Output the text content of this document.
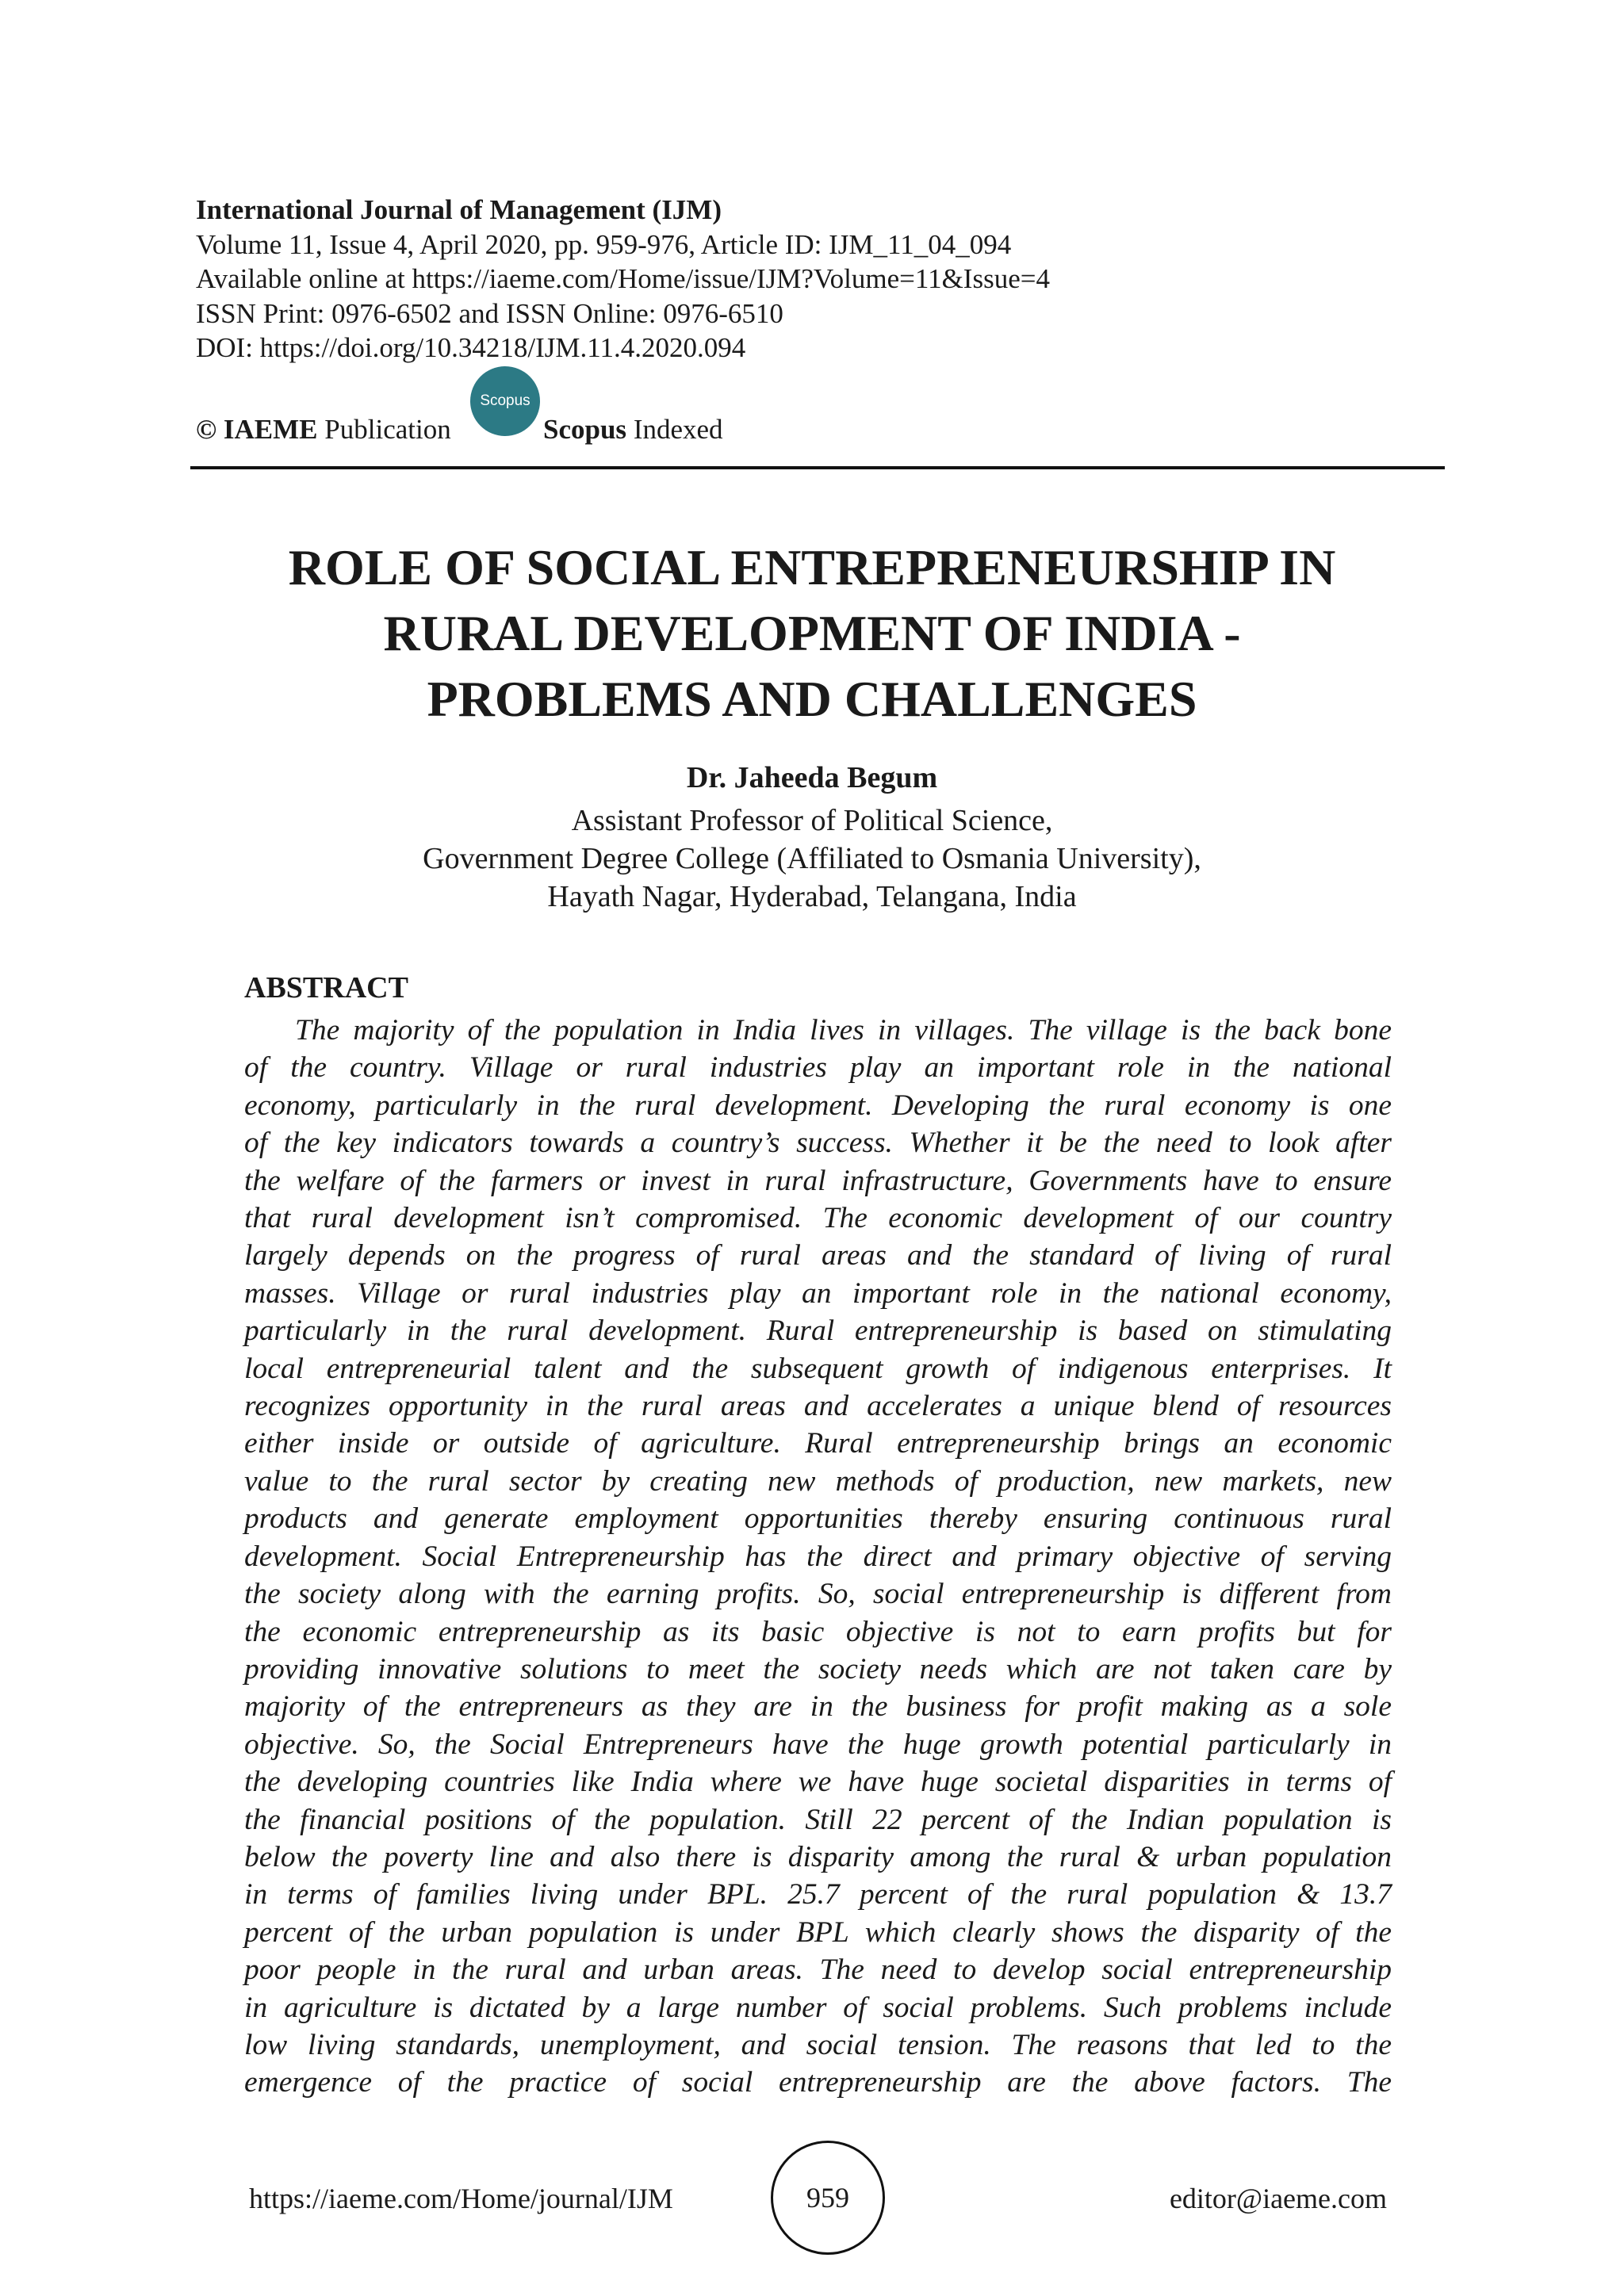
International Journal of Management (IJM)
Volume 11, Issue 4, April 2020, pp. 959-976, Article ID: IJM_11_04_094
Available online at https://iaeme.com/Home/issue/IJM?Volume=11&Issue=4
ISSN Print: 0976-6502 and ISSN Online: 0976-6510
DOI: https://doi.org/10.34218/IJM.11.4.2020.094
© IAEME Publication
Scopus
Scopus Indexed
ROLE OF SOCIAL ENTREPRENEURSHIP IN
RURAL DEVELOPMENT OF INDIA -
PROBLEMS AND CHALLENGES
Dr. Jaheeda Begum
Assistant Professor of Political Science,
Government Degree College (Affiliated to Osmania University),
Hayath Nagar, Hyderabad, Telangana, India
ABSTRACT
The majority of the population in India lives in villages. The village is the back bone
of the country. Village or rural industries play an important role in the national
economy, particularly in the rural development. Developing the rural economy is one
of the key indicators towards a country’s success. Whether it be the need to look after
the welfare of the farmers or invest in rural infrastructure, Governments have to ensure
that rural development isn’t compromised. The economic development of our country
largely depends on the progress of rural areas and the standard of living of rural
masses. Village or rural industries play an important role in the national economy,
particularly in the rural development. Rural entrepreneurship is based on stimulating
local entrepreneurial talent and the subsequent growth of indigenous enterprises. It
recognizes opportunity in the rural areas and accelerates a unique blend of resources
either inside or outside of agriculture. Rural entrepreneurship brings an economic
value to the rural sector by creating new methods of production, new markets, new
products and generate employment opportunities thereby ensuring continuous rural
development. Social Entrepreneurship has the direct and primary objective of serving
the society along with the earning profits. So, social entrepreneurship is different from
the economic entrepreneurship as its basic objective is not to earn profits but for
providing innovative solutions to meet the society needs which are not taken care by
majority of the entrepreneurs as they are in the business for profit making as a sole
objective. So, the Social Entrepreneurs have the huge growth potential particularly in
the developing countries like India where we have huge societal disparities in terms of
the financial positions of the population. Still 22 percent of the Indian population is
below the poverty line and also there is disparity among the rural & urban population
in terms of families living under BPL. 25.7 percent of the rural population & 13.7
percent of the urban population is under BPL which clearly shows the disparity of the
poor people in the rural and urban areas. The need to develop social entrepreneurship
in agriculture is dictated by a large number of social problems. Such problems include
low living standards, unemployment, and social tension. The reasons that led to the
emergence of the practice of social entrepreneurship are the above factors. The
https://iaeme.com/Home/journal/IJM	959	editor@iaeme.com
